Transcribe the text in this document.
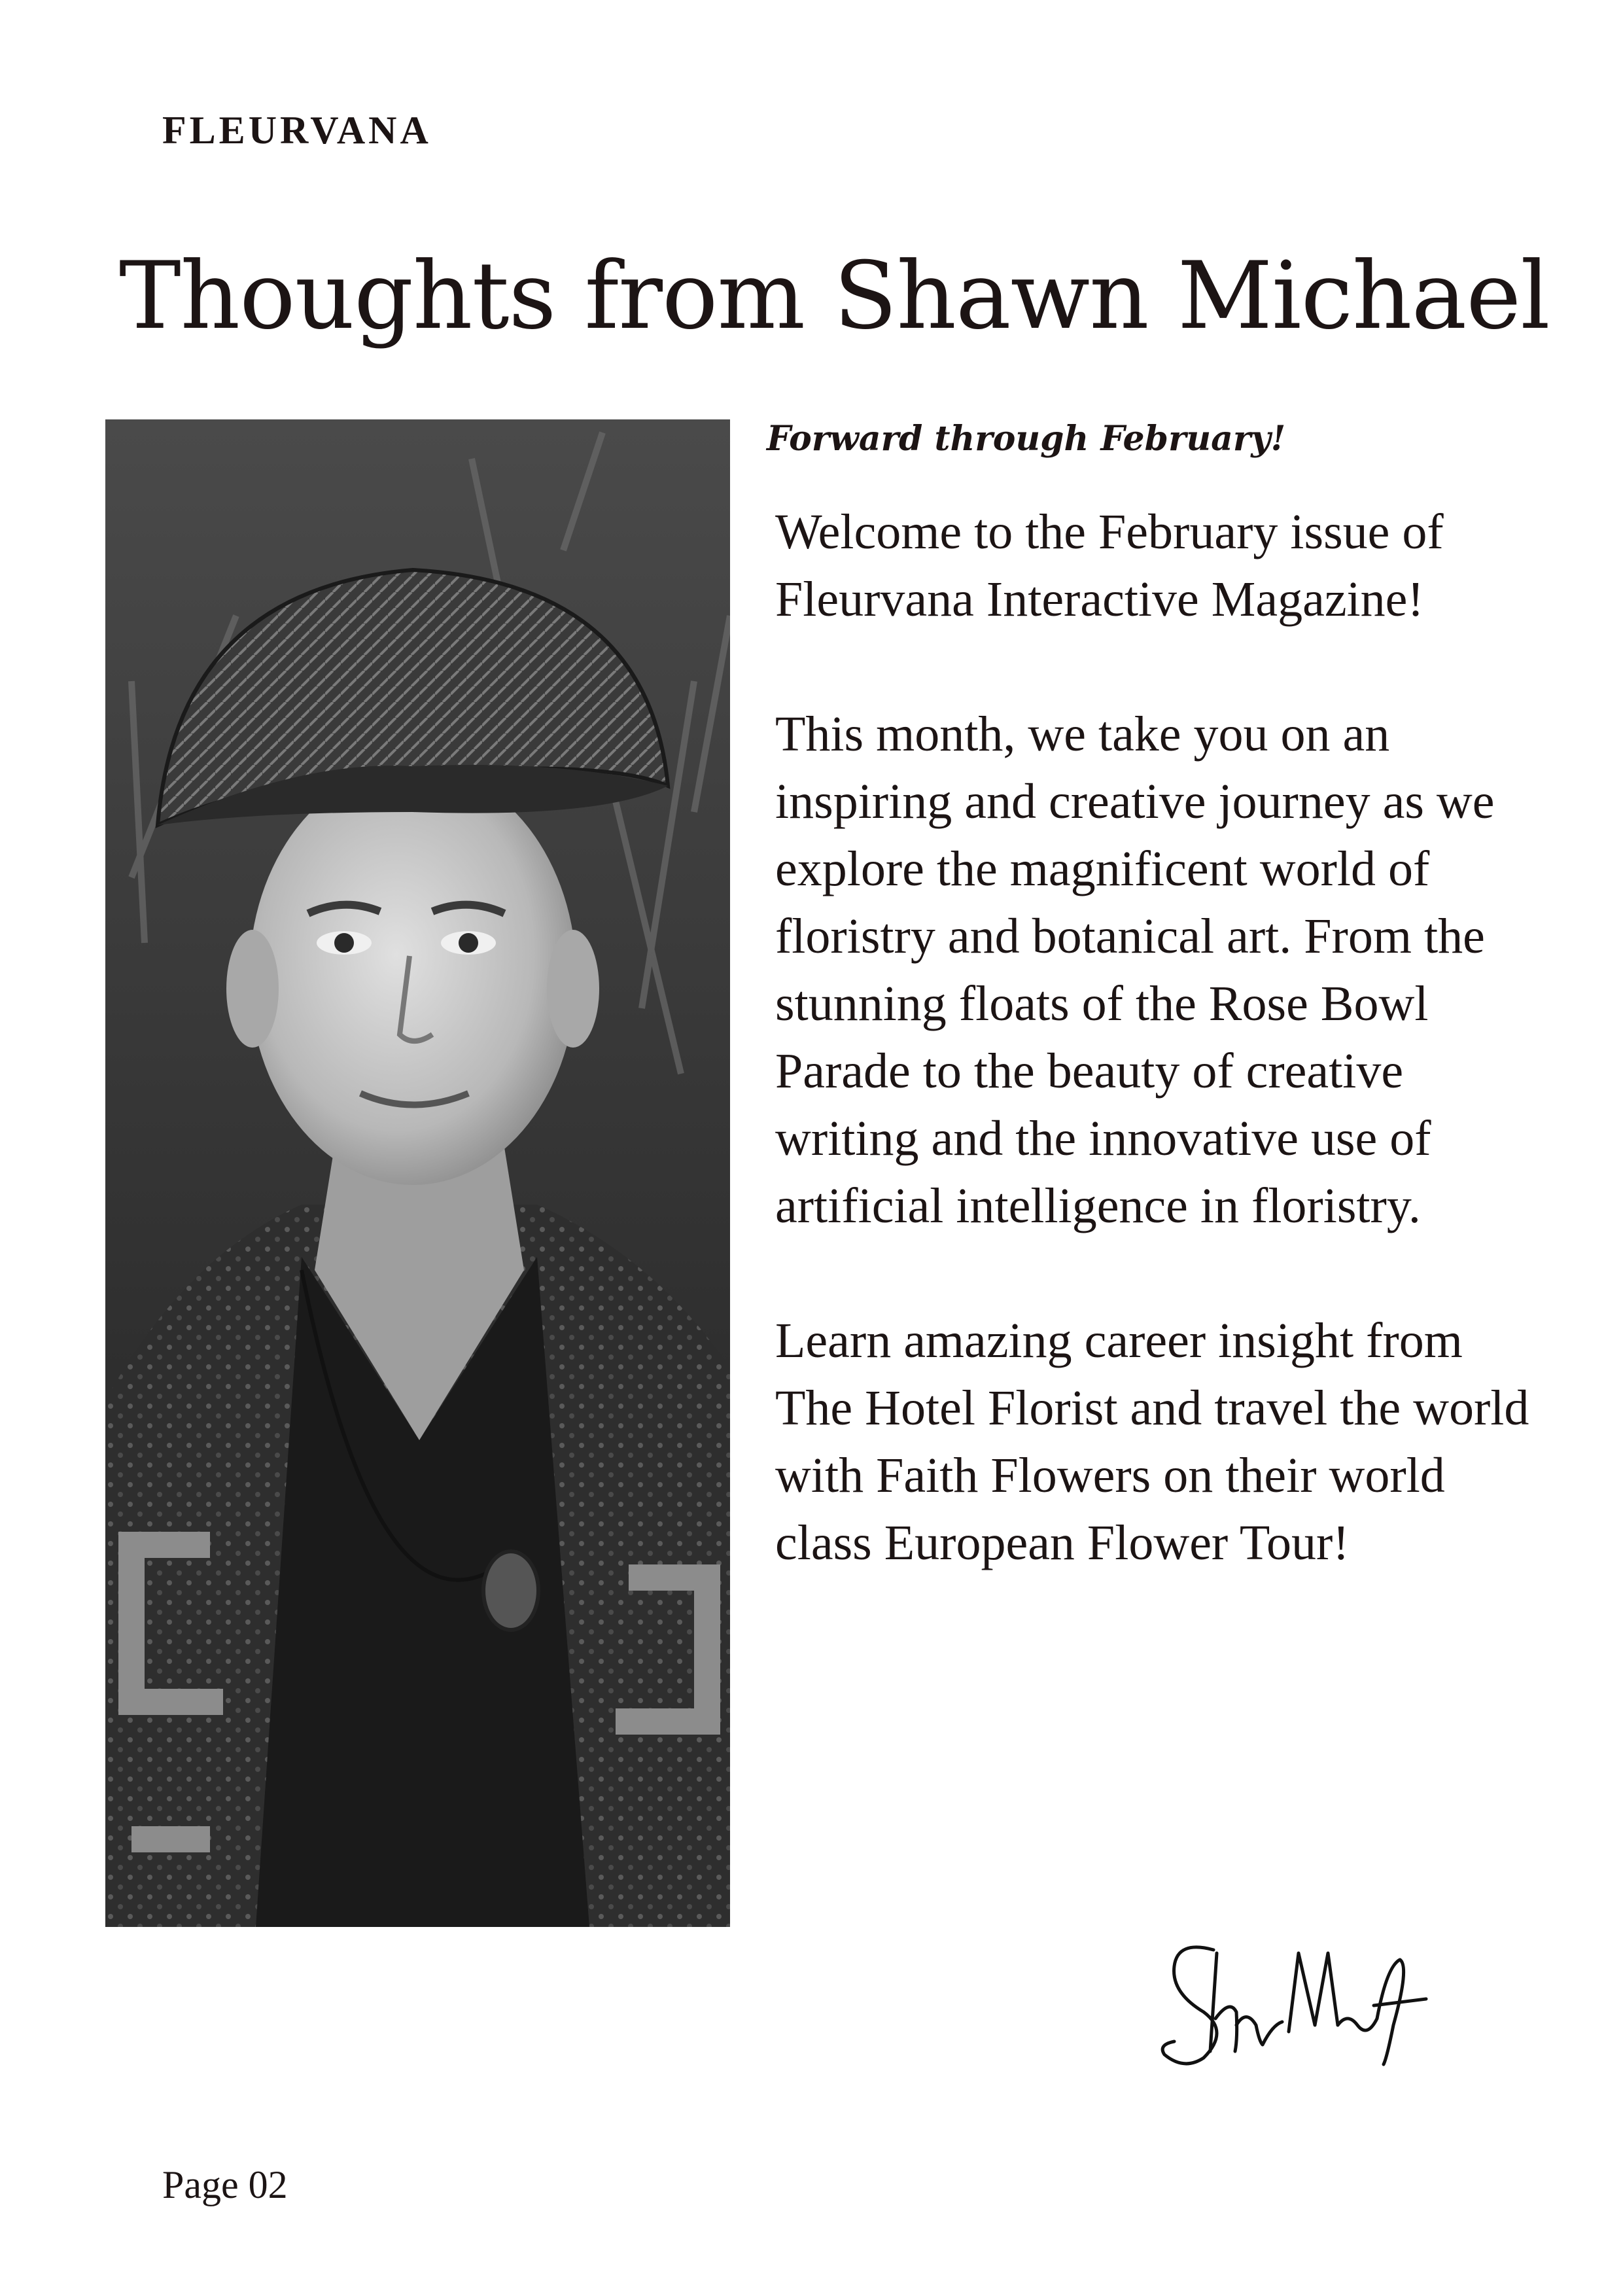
FLEURVANA
Thoughts from Shawn Michael
Forward through February!

Welcome to the February issue of Fleurvana Interactive Magazine!

This month, we take you on an inspiring and creative journey as we explore the magnificent world of floristry and botanical art. From the stunning floats of the Rose Bowl Parade to the beauty of creative writing and the innovative use of artificial intelligence in floristry.

Learn amazing career insight from The Hotel Florist and travel the world with Faith Flowers on their world class European Flower Tour!

Page 02
